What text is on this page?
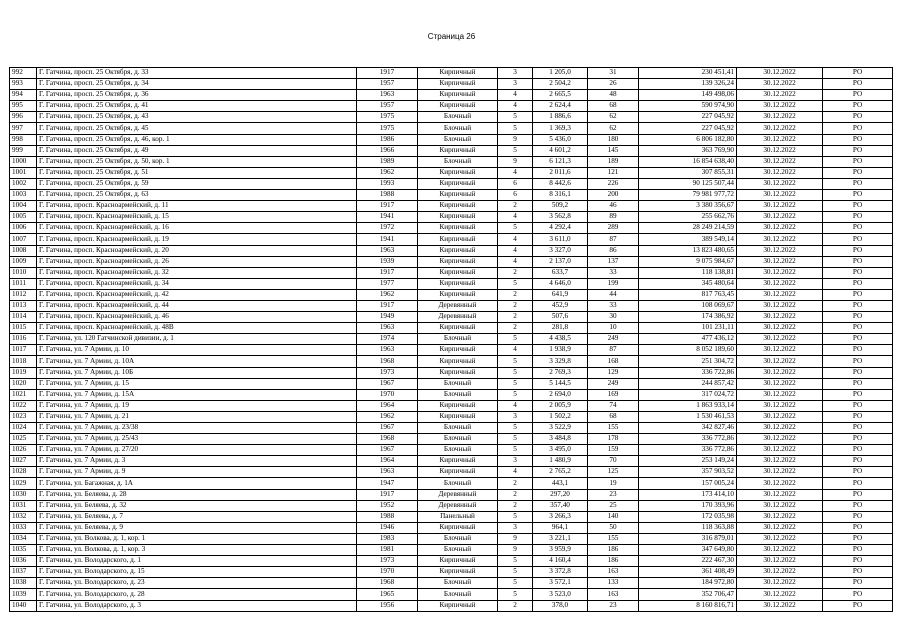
Страница 26
992	Г. Гатчина, просп. 25 Октября, д. 33	1917	Кирпичный	3	1 205,0	31	230 451,41	30.12.2022	РО
993	Г. Гатчина, просп. 25 Октября, д. 34	1957	Кирпичный	3	2 504,2	26	139 326,24	30.12.2022	РО
994	Г. Гатчина, просп. 25 Октября, д. 36	1963	Кирпичный	4	2 665,5	48	149 498,06	30.12.2022	РО
995	Г. Гатчина, просп. 25 Октября, д. 41	1957	Кирпичный	4	2 624,4	68	590 974,90	30.12.2022	РО
996	Г. Гатчина, просп. 25 Октября, д. 43	1975	Блочный	5	1 886,6	62	227 045,92	30.12.2022	РО
997	Г. Гатчина, просп. 25 Октября, д. 45	1975	Блочный	5	1 369,3	62	227 045,92	30.12.2022	РО
998	Г. Гатчина, просп. 25 Октября, д. 46, кор. 1	1986	Блочный	9	5 436,0	180	6 806 182,80	30.12.2022	РО
999	Г. Гатчина, просп. 25 Октября, д. 49	1966	Кирпичный	5	4 601,2	145	363 769,90	30.12.2022	РО
1000	Г. Гатчина, просп. 25 Октября, д. 50, кор. 1	1989	Блочный	9	6 121,3	189	16 854 638,40	30.12.2022	РО
1001	Г. Гатчина, просп. 25 Октября, д. 51	1962	Кирпичный	4	2 011,6	121	307 855,31	30.12.2022	РО
1002	Г. Гатчина, просп. 25 Октября, д. 59	1993	Кирпичный	6	8 442,6	226	90 125 507,44	30.12.2022	РО
1003	Г. Гатчина, просп. 25 Октября, д. 63	1988	Кирпичный	6	8 316,1	200	79 981 977,72	30.12.2022	РО
1004	Г. Гатчина, просп. Красноармейский, д. 11	1917	Кирпичный	2	509,2	46	3 380 356,67	30.12.2022	РО
1005	Г. Гатчина, просп. Красноармейский, д. 15	1941	Кирпичный	4	3 562,8	89	255 662,76	30.12.2022	РО
1006	Г. Гатчина, просп. Красноармейский, д. 16	1972	Кирпичный	5	4 292,4	289	28 249 214,59	30.12.2022	РО
1007	Г. Гатчина, просп. Красноармейский, д. 19	1941	Кирпичный	4	3 611,0	87	389 549,14	30.12.2022	РО
1008	Г. Гатчина, просп. Красноармейский, д. 20	1963	Кирпичный	4	3 327,0	86	13 823 480,65	30.12.2022	РО
1009	Г. Гатчина, просп. Красноармейский, д. 26	1939	Кирпичный	4	2 137,0	137	9 075 984,67	30.12.2022	РО
1010	Г. Гатчина, просп. Красноармейский, д. 32	1917	Кирпичный	2	633,7	33	118 138,81	30.12.2022	РО
1011	Г. Гатчина, просп. Красноармейский, д. 34	1977	Кирпичный	5	4 646,0	199	345 480,64	30.12.2022	РО
1012	Г. Гатчина, просп. Красноармейский, д. 42	1962	Кирпичный	2	641,9	44	817 763,45	30.12.2022	РО
1013	Г. Гатчина, просп. Красноармейский, д. 44	1917	Деревянный	2	452,9	33	108 069,67	30.12.2022	РО
1014	Г. Гатчина, просп. Красноармейский, д. 46	1949	Деревянный	2	507,6	30	174 386,92	30.12.2022	РО
1015	Г. Гатчина, просп. Красноармейский, д. 48В	1963	Кирпичный	2	281,8	10	101 231,11	30.12.2022	РО
1016	Г. Гатчина, ул. 120 Гатчинской дивизии, д. 1	1974	Блочный	5	4 438,5	249	477 436,12	30.12.2022	РО
1017	Г. Гатчина, ул. 7 Армии, д. 10	1963	Кирпичный	4	1 938,9	87	8 052 189,60	30.12.2022	РО
1018	Г. Гатчина, ул. 7 Армии, д. 10А	1968	Кирпичный	5	3 329,8	168	251 304,72	30.12.2022	РО
1019	Г. Гатчина, ул. 7 Армии, д. 10Б	1973	Кирпичный	5	2 769,3	129	336 722,86	30.12.2022	РО
1020	Г. Гатчина, ул. 7 Армии, д. 15	1967	Блочный	5	5 144,5	249	244 857,42	30.12.2022	РО
1021	Г. Гатчина, ул. 7 Армии, д. 15А	1970	Блочный	5	2 694,0	169	317 024,72	30.12.2022	РО
1022	Г. Гатчина, ул. 7 Армии, д. 19	1964	Кирпичный	4	2 005,9	74	1 863 933,14	30.12.2022	РО
1023	Г. Гатчина, ул. 7 Армии, д. 21	1962	Кирпичный	3	1 502,2	68	1 530 461,53	30.12.2022	РО
1024	Г. Гатчина, ул. 7 Армии, д. 23/38	1967	Блочный	5	3 522,9	155	342 827,46	30.12.2022	РО
1025	Г. Гатчина, ул. 7 Армии, д. 25/43	1968	Блочный	5	3 484,8	178	336 772,86	30.12.2022	РО
1026	Г. Гатчина, ул. 7 Армии, д. 27/20	1967	Блочный	5	3 495,0	159	336 772,86	30.12.2022	РО
1027	Г. Гатчина, ул. 7 Армии, д. 3	1964	Кирпичный	3	1 480,9	70	253 149,24	30.12.2022	РО
1028	Г. Гатчина, ул. 7 Армии, д. 9	1963	Кирпичный	4	2 765,2	125	357 903,52	30.12.2022	РО
1029	Г. Гатчина, ул. Багажная, д. 1А	1947	Блочный	2	443,1	19	157 005,24	30.12.2022	РО
1030	Г. Гатчина, ул. Беляева, д. 28	1917	Деревянный	2	297,20	23	173 414,10	30.12.2022	РО
1031	Г. Гатчина, ул. Беляева, д. 32	1952	Деревянный	2	357,40	25	170 393,96	30.12.2022	РО
1032	Г. Гатчина, ул. Беляева, д. 7	1988	Панельный	5	3 266,3	140	172 035,98	30.12.2022	РО
1033	Г. Гатчина, ул. Беляева, д. 9	1946	Кирпичный	3	964,1	50	118 363,88	30.12.2022	РО
1034	Г. Гатчина, ул. Волкова, д. 1, кор. 1	1983	Блочный	9	3 221,1	155	316 879,01	30.12.2022	РО
1035	Г. Гатчина, ул. Волкова, д. 1, кор. 3	1981	Блочный	9	3 959,9	186	347 649,80	30.12.2022	РО
1036	Г. Гатчина, ул. Володарского, д. 1	1973	Кирпичный	5	4 160,4	186	222 467,30	30.12.2022	РО
1037	Г. Гатчина, ул. Володарского, д. 15	1970	Кирпичный	5	3 372,8	163	361 408,49	30.12.2022	РО
1038	Г. Гатчина, ул. Володарского, д. 23	1968	Блочный	5	3 572,1	133	184 972,80	30.12.2022	РО
1039	Г. Гатчина, ул. Володарского, д. 28	1965	Блочный	5	3 523,0	163	352 706,47	30.12.2022	РО
1040	Г. Гатчина, ул. Володарского, д. 3	1956	Кирпичный	2	378,0	23	8 160 816,71	30.12.2022	РО
